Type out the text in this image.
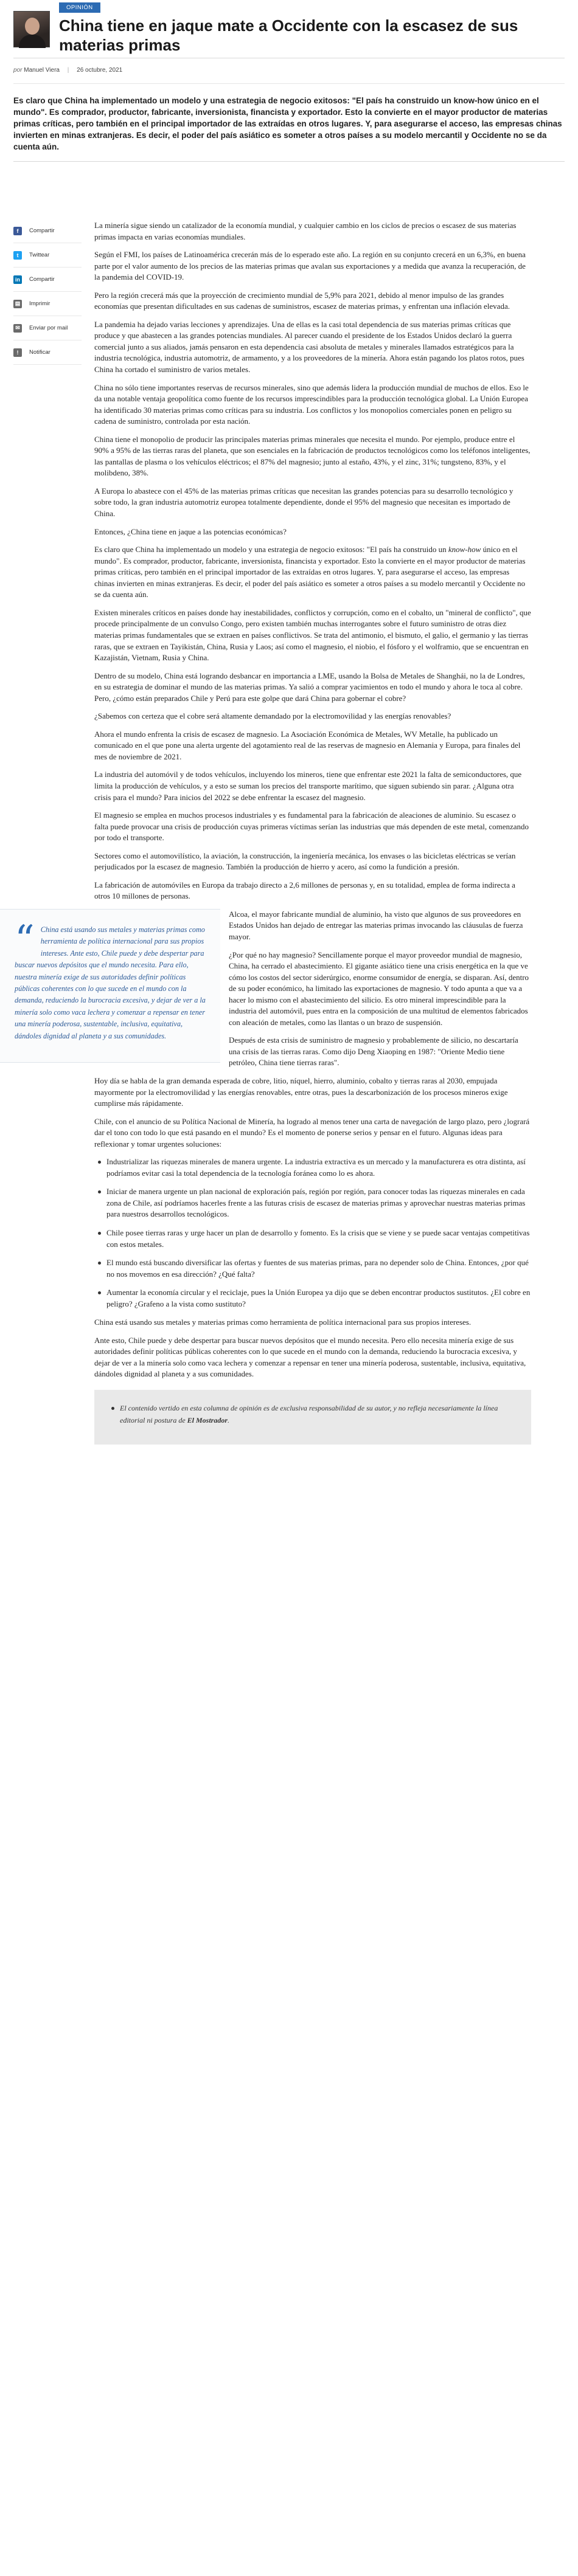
OPINIÓN
China tiene en jaque mate a Occidente con la escasez de sus materias primas
por Manuel Viera | 26 octubre, 2021

Es claro que China ha implementado un modelo y una estrategia de negocio exitosos: "El país ha construido un know-how único en el mundo". Es comprador, productor, fabricante, inversionista, financista y exportador. Esto la convierte en el mayor productor de materias primas críticas, pero también en el principal importador de las extraídas en otros lugares. Y, para asegurarse el acceso, las empresas chinas invierten en minas extranjeras. Es decir, el poder del país asiático es someter a otros países a su modelo mercantil y Occidente no se da cuenta aún.

f	Compartir
t	Twittear
in	Compartir
▤ Imprimir
✉	Enviar por mail
!	Notificar

La minería sigue siendo un catalizador de la economía mundial, y cualquier cambio en los ciclos de precios o escasez de sus materias primas impacta en varias economías mundiales.

Según el FMI, los países de Latinoamérica crecerán más de lo esperado este año. La región en su conjunto crecerá en un 6,3%, en buena parte por el valor aumento de los precios de las materias primas que avalan sus exportaciones y a medida que avanza la recuperación, de la pandemia del COVID-19.

Pero la región crecerá más que la proyección de crecimiento mundial de 5,9% para 2021, debido al menor impulso de las grandes economías que presentan dificultades en sus cadenas de suministros, escasez de materias primas, y enfrentan una inflación elevada.

La pandemia ha dejado varias lecciones y aprendizajes. Una de ellas es la casi total dependencia de sus materias primas críticas que produce y que abastecen a las grandes potencias mundiales. Al parecer cuando el presidente de los Estados Unidos declaró la guerra comercial junto a sus aliados, jamás pensaron en esta dependencia casi absoluta de metales y minerales llamados estratégicos para la industria tecnológica, industria automotriz, de armamento, y a los proveedores de la minería. Ahora están pagando los platos rotos, pues China ha cortado el suministro de varios metales.

China no sólo tiene importantes reservas de recursos minerales, sino que además lidera la producción mundial de muchos de ellos. Eso le da una notable ventaja geopolítica como fuente de los recursos imprescindibles para la producción tecnológica global. La Unión Europea ha identificado 30 materias primas como críticas para su industria. Los conflictos y los monopolios comerciales ponen en peligro su cadena de suministro, controlada por esta nación.

China tiene el monopolio de producir las principales materias primas minerales que necesita el mundo. Por ejemplo, produce entre el 90% a 95% de las tierras raras del planeta, que son esenciales en la fabricación de productos tecnológicos como los teléfonos inteligentes, las pantallas de plasma o los vehículos eléctricos; el 87% del magnesio; junto al estaño, 43%, y el zinc, 31%; tungsteno, 83%, y el molibdeno, 38%.

A Europa lo abastece con el 45% de las materias primas críticas que necesitan las grandes potencias para su desarrollo tecnológico y sobre todo, la gran industria automotriz europea totalmente dependiente, donde el 95% del magnesio que necesitan es importado de China.

Entonces, ¿China tiene en jaque a las potencias económicas?

Es claro que China ha implementado un modelo y una estrategia de negocio exitosos: "El país ha construido un know-how único en el mundo". Es comprador, productor, fabricante, inversionista, financista y exportador. Esto la convierte en el mayor productor de materias primas críticas, pero también en el principal importador de las extraídas en otros lugares. Y, para asegurarse el acceso, las empresas chinas invierten en minas extranjeras. Es decir, el poder del país asiático es someter a otros países a su modelo mercantil y Occidente no se da cuenta aún.

Existen minerales críticos en países donde hay inestabilidades, conflictos y corrupción, como en el cobalto, un "mineral de conflicto", que procede principalmente de un convulso Congo, pero existen también muchas interrogantes sobre el futuro suministro de otras diez materias primas fundamentales que se extraen en países conflictivos. Se trata del antimonio, el bismuto, el galio, el germanio y las tierras raras, que se extraen en Tayikistán, China, Rusia y Laos; así como el magnesio, el niobio, el fósforo y el wolframio, que se encuentran en Kazajistán, Vietnam, Rusia y China.

Dentro de su modelo, China está logrando desbancar en importancia a LME, usando la Bolsa de Metales de Shanghái, no la de Londres, en su estrategia de dominar el mundo de las materias primas. Ya salió a comprar yacimientos en todo el mundo y ahora le toca al cobre. Pero, ¿cómo están preparados Chile y Perú para este golpe que dará China para gobernar el cobre?

¿Sabemos con certeza que el cobre será altamente demandado por la electromovilidad y las energías renovables?

Ahora el mundo enfrenta la crisis de escasez de magnesio. La Asociación Económica de Metales, WV Metalle, ha publicado un comunicado en el que pone una alerta urgente del agotamiento real de las reservas de magnesio en Alemania y Europa, para finales del mes de noviembre de 2021.

La industria del automóvil y de todos vehículos, incluyendo los mineros, tiene que enfrentar este 2021 la falta de semiconductores, que limita la producción de vehículos, y a esto se suman los precios del transporte marítimo, que siguen subiendo sin parar. ¿Alguna otra crisis para el mundo? Para inicios del 2022 se debe enfrentar la escasez del magnesio.

El magnesio se emplea en muchos procesos industriales y es fundamental para la fabricación de aleaciones de aluminio. Su escasez o falta puede provocar una crisis de producción cuyas primeras víctimas serían las industrias que más dependen de este metal, comenzando por todo el transporte.

Sectores como el automovilístico, la aviación, la construcción, la ingeniería mecánica, los envases o las bicicletas eléctricas se verían perjudicados por la escasez de magnesio. También la producción de hierro y acero, así como la fundición a presión.

La fabricación de automóviles en Europa da trabajo directo a 2,6 millones de personas y, en su totalidad, emplea de forma indirecta a otros 10 millones de personas.

“ China está usando sus metales y materias primas como herramienta de política internacional para sus propios intereses. Ante esto, Chile puede y debe despertar para buscar nuevos depósitos que el mundo necesita. Para ello, nuestra minería exige de sus autoridades definir políticas públicas coherentes con lo que sucede en el mundo con la demanda, reduciendo la burocracia excesiva, y dejar de ver a la minería solo como vaca lechera y comenzar a repensar en tener una minería poderosa, sustentable, inclusiva, equitativa, dándoles dignidad al planeta y a sus comunidades.

Alcoa, el mayor fabricante mundial de aluminio, ha visto que algunos de sus proveedores en Estados Unidos han dejado de entregar las materias primas invocando las cláusulas de fuerza mayor.

¿Por qué no hay magnesio? Sencillamente porque el mayor proveedor mundial de magnesio, China, ha cerrado el abastecimiento. El gigante asiático tiene una crisis energética en la que ve cómo los costos del sector siderúrgico, enorme consumidor de energía, se disparan. Así, dentro de su poder económico, ha limitado las exportaciones de magnesio. Y todo apunta a que va a hacer lo mismo con el abastecimiento del silicio. Es otro mineral imprescindible para la industria del automóvil, pues entra en la composición de una multitud de elementos fabricados con aleación de metales, como las llantas o un brazo de suspensión.

Después de esta crisis de suministro de magnesio y probablemente de silicio, no descartaría una crisis de las tierras raras. Como dijo Deng Xiaoping en 1987: "Oriente Medio tiene petróleo, China tiene tierras raras".

Hoy día se habla de la gran demanda esperada de cobre, litio, níquel, hierro, aluminio, cobalto y tierras raras al 2030, empujada mayormente por la electromovilidad y las energías renovables, entre otras, pues la descarbonización de los procesos mineros exige cumplirse más rápidamente.

Chile, con el anuncio de su Política Nacional de Minería, ha logrado al menos tener una carta de navegación de largo plazo, pero ¿logrará dar el tono con todo lo que está pasando en el mundo? Es el momento de ponerse serios y pensar en el futuro. Algunas ideas para reflexionar y tomar urgentes soluciones:

Industrializar las riquezas minerales de manera urgente. La industria extractiva es un mercado y la manufacturera es otra distinta, así podríamos evitar casi la total dependencia de la tecnología foránea como lo es ahora.
Iniciar de manera urgente un plan nacional de exploración país, región por región, para conocer todas las riquezas minerales en cada zona de Chile, así podríamos hacerles frente a las futuras crisis de escasez de materias primas y aprovechar nuestras materias primas para nuestros desarrollos tecnológicos.
Chile posee tierras raras y urge hacer un plan de desarrollo y fomento. Es la crisis que se viene y se puede sacar ventajas competitivas con estos metales.
El mundo está buscando diversificar las ofertas y fuentes de sus materias primas, para no depender solo de China. Entonces, ¿por qué no nos movemos en esa dirección? ¿Qué falta?
Aumentar la economía circular y el reciclaje, pues la Unión Europea ya dijo que se deben encontrar productos sustitutos. ¿El cobre en peligro? ¿Grafeno a la vista como sustituto?

China está usando sus metales y materias primas como herramienta de política internacional para sus propios intereses.

Ante esto, Chile puede y debe despertar para buscar nuevos depósitos que el mundo necesita. Pero ello necesita minería exige de sus autoridades definir políticas públicas coherentes con lo que sucede en el mundo con la demanda, reduciendo la burocracia excesiva, y dejar de ver a la minería solo como vaca lechera y comenzar a repensar en tener una minería poderosa, sustentable, inclusiva, equitativa, dándoles dignidad al planeta y a sus comunidades.

El contenido vertido en esta columna de opinión es de exclusiva responsabilidad de su autor, y no refleja necesariamente la línea editorial ni postura de El Mostrador.
